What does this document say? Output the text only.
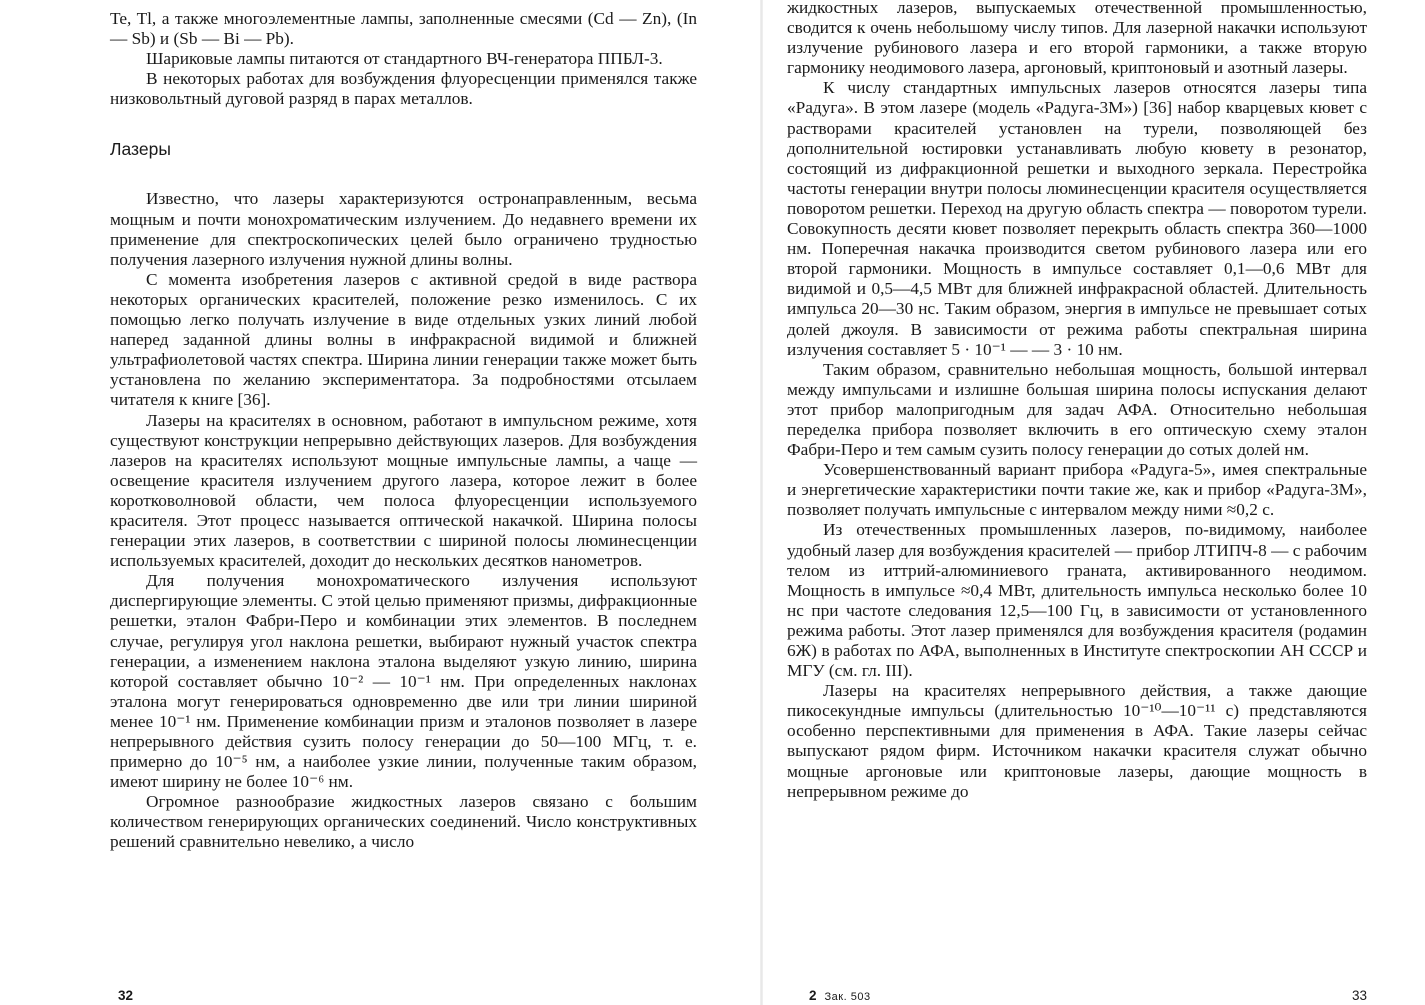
Te, Tl, а также многоэлементные лампы, заполненные смесями (Cd — Zn), (In — Sb) и (Sb — Bi — Pb).

Шариковые лампы питаются от стандартного ВЧ-генератора ППБЛ-3.

В некоторых работах для возбуждения флуоресценции применялся также низковольтный дуговой разряд в парах металлов.

Лазеры

Известно, что лазеры характеризуются остронаправленным, весьма мощным и почти монохроматическим излучением. До недавнего времени их применение для спектроскопических целей было ограничено трудностью получения лазерного излучения нужной длины волны.

С момента изобретения лазеров с активной средой в виде раствора некоторых органических красителей, положение резко изменилось. С их помощью легко получать излучение в виде отдельных узких линий любой наперед заданной длины волны в инфракрасной видимой и ближней ультрафиолетовой частях спектра. Ширина линии генерации также может быть установлена по желанию экспериментатора. За подробностями отсылаем читателя к книге [36].

Лазеры на красителях в основном, работают в импульсном режиме, хотя существуют конструкции непрерывно действующих лазеров. Для возбуждения лазеров на красителях используют мощные импульсные лампы, а чаще — освещение красителя излучением другого лазера, которое лежит в более коротковолновой области, чем полоса флуоресценции используемого красителя. Этот процесс называется оптической накачкой. Ширина полосы генерации этих лазеров, в соответствии с шириной полосы люминесценции используемых красителей, доходит до нескольких десятков нанометров.

Для получения монохроматического излучения используют диспергирующие элементы. С этой целью применяют призмы, дифракционные решетки, эталон Фабри-Перо и комбинации этих элементов. В последнем случае, регулируя угол наклона решетки, выбирают нужный участок спектра генерации, а изменением наклона эталона выделяют узкую линию, ширина которой составляет обычно 10⁻² — 10⁻¹ нм. При определенных наклонах эталона могут генерироваться одновременно две или три линии шириной менее 10⁻¹ нм. Применение комбинации призм и эталонов позволяет в лазере непрерывного действия сузить полосу генерации до 50—100 МГц, т. е. примерно до 10⁻⁵ нм, а наиболее узкие линии, полученные таким образом, имеют ширину не более 10⁻⁶ нм.

Огромное разнообразие жидкостных лазеров связано с большим количеством генерирующих органических соединений. Число конструктивных решений сравнительно невелико, а число

32

жидкостных лазеров, выпускаемых отечественной промышленностью, сводится к очень небольшому числу типов. Для лазерной накачки используют излучение рубинового лазера и его второй гармоники, а также вторую гармонику неодимового лазера, аргоновый, криптоновый и азотный лазеры.

К числу стандартных импульсных лазеров относятся лазеры типа «Радуга». В этом лазере (модель «Радуга-3М») [36] набор кварцевых кювет с растворами красителей установлен на турели, позволяющей без дополнительной юстировки устанавливать любую кювету в резонатор, состоящий из дифракционной решетки и выходного зеркала. Перестройка частоты генерации внутри полосы люминесценции красителя осуществляется поворотом решетки. Переход на другую область спектра — поворотом турели. Совокупность десяти кювет позволяет перекрыть область спектра 360—1000 нм. Поперечная накачка производится светом рубинового лазера или его второй гармоники. Мощность в импульсе составляет 0,1—0,6 МВт для видимой и 0,5—4,5 МВт для ближней инфракрасной областей. Длительность импульса 20—30 нс. Таким образом, энергия в импульсе не превышает сотых долей джоуля. В зависимости от режима работы спектральная ширина излучения составляет 5 · 10⁻¹ — — 3 · 10 нм.

Таким образом, сравнительно небольшая мощность, большой интервал между импульсами и излишне большая ширина полосы испускания делают этот прибор малопригодным для задач АФА. Относительно небольшая переделка прибора позволяет включить в его оптическую схему эталон Фабри-Перо и тем самым сузить полосу генерации до сотых долей нм.

Усовершенствованный вариант прибора «Радуга-5», имея спектральные и энергетические характеристики почти такие же, как и прибор «Радуга-3М», позволяет получать импульсные с интервалом между ними ≈0,2 с.

Из отечественных промышленных лазеров, по-видимому, наиболее удобный лазер для возбуждения красителей — прибор ЛТИПЧ-8 — с рабочим телом из иттрий-алюминиевого граната, активированного неодимом. Мощность в импульсе ≈0,4 МВт, длительность импульса несколько более 10 нс при частоте следования 12,5—100 Гц, в зависимости от установленного режима работы. Этот лазер применялся для возбуждения красителя (родамин 6Ж) в работах по АФА, выполненных в Институте спектроскопии АН СССР и МГУ (см. гл. III).

Лазеры на красителях непрерывного действия, а также дающие пикосекундные импульсы (длительностью 10⁻¹⁰—10⁻¹¹ с) представляются особенно перспективными для применения в АФА. Такие лазеры сейчас выпускают рядом фирм. Источником накачки красителя служат обычно мощные аргоновые или криптоновые лазеры, дающие мощность в непрерывном режиме до

2 Зак. 503	33
